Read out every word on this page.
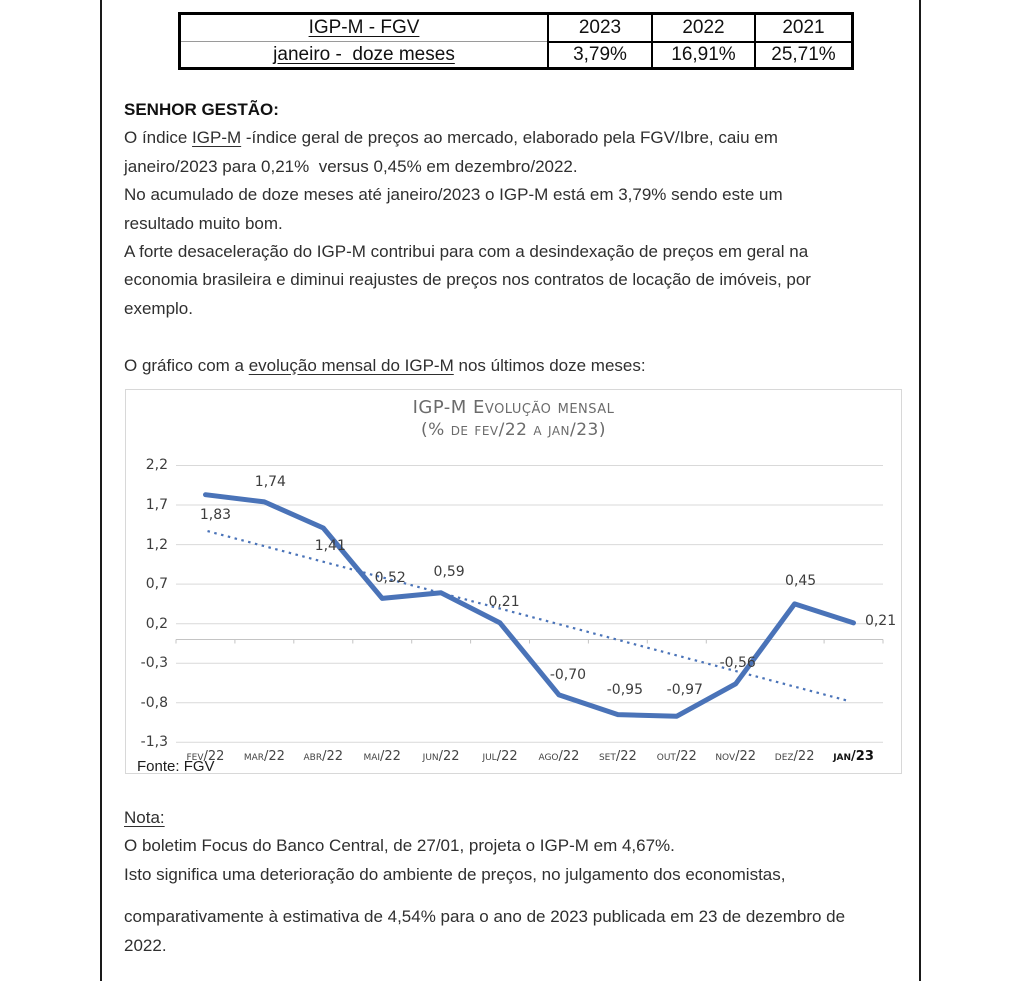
IGP-M - FGV	2023	2022	2021
janeiro -  doze meses	3,79%	16,91%	25,71%
SENHOR GESTÃO:
O índice IGP-M -índice geral de preços ao mercado, elaborado pela FGV/Ibre, caiu em
janeiro/2023 para 0,21%  versus 0,45% em dezembro/2022.
No acumulado de doze meses até janeiro/2023 o IGP-M está em 3,79% sendo este um
resultado muito bom.
A forte desaceleração do IGP-M contribui para com a desindexação de preços em geral na
economia brasileira e diminui reajustes de preços nos contratos de locação de imóveis, por
exemplo.

O gráfico com a evolução mensal do IGP-M nos últimos doze meses:
IGP-M Evolução mensal
(% de fev/22 a jan/23)
2,2
1,7
1,2
0,7
0,2
-0,3
-0,8
-1,3
fev/22	mar/22	abr/22	mai/22	jun/22	jul/22	ago/22	set/22	out/22	nov/22	dez/22	jan/23
1,83
1,74
1,41
0,52 0,59
0,21
-0,70
-0,95 -0,97
-0,56
0,45
0,21
Fonte: FGV
Nota:
O boletim Focus do Banco Central, de 27/01, projeta o IGP-M em 4,67%.
Isto significa uma deterioração do ambiente de preços, no julgamento dos economistas,
comparativamente à estimativa de 4,54% para o ano de 2023 publicada em 23 de dezembro de
2022.
